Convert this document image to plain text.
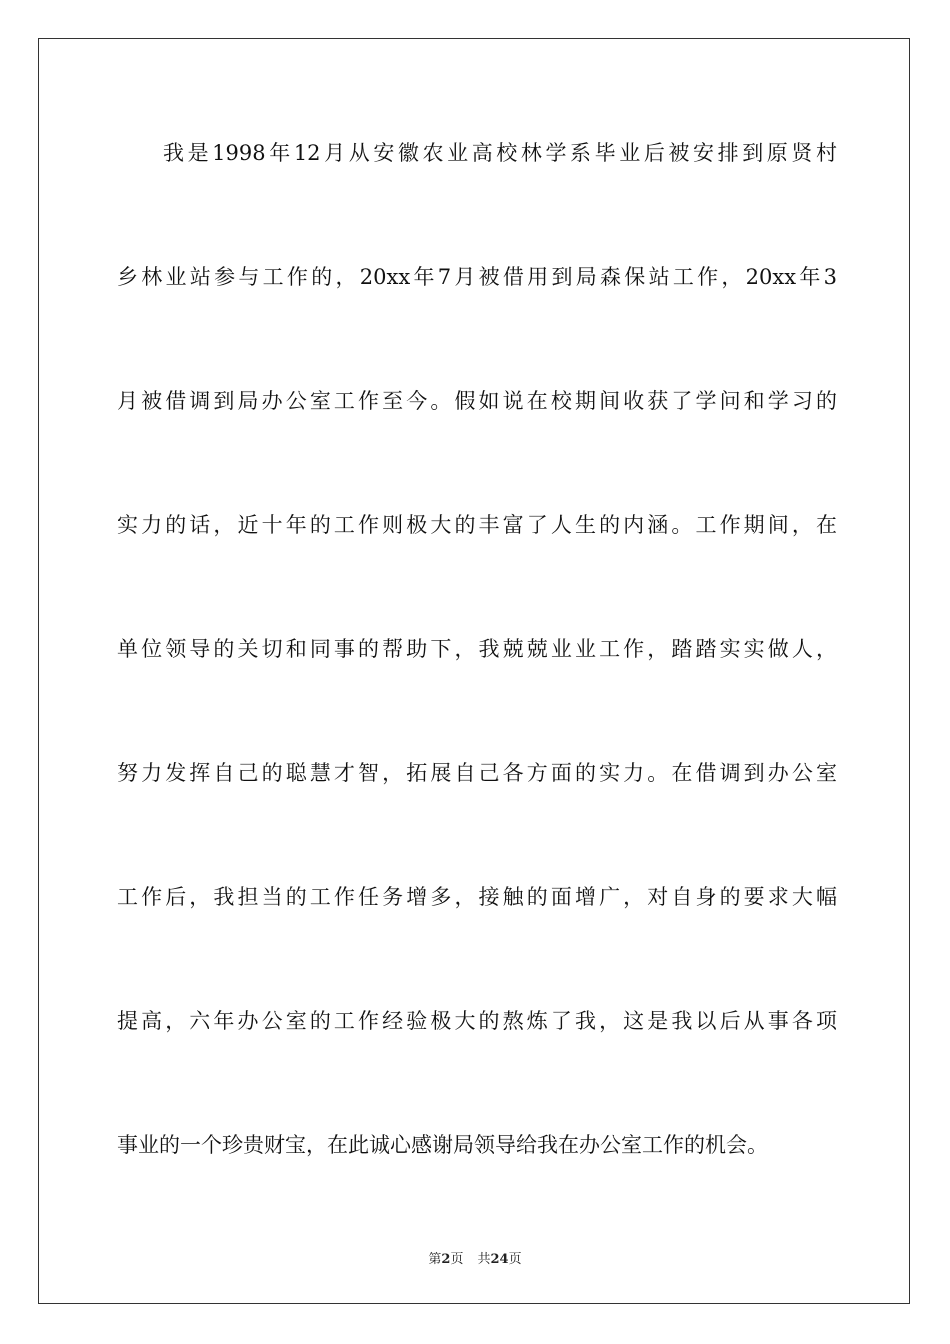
我是1998年12月从安徽农业高校林学系毕业后被安排到原贤村
乡林业站参与工作的，20xx年7月被借用到局森保站工作，20xx年3
月被借调到局办公室工作至今。假如说在校期间收获了学问和学习的
实力的话，近十年的工作则极大的丰富了人生的内涵。工作期间，在
单位领导的关切和同事的帮助下，我兢兢业业工作，踏踏实实做人，
努力发挥自己的聪慧才智，拓展自己各方面的实力。在借调到办公室
工作后，我担当的工作任务增多，接触的面增广，对自身的要求大幅
提高，六年办公室的工作经验极大的熬炼了我，这是我以后从事各项
事业的一个珍贵财宝，在此诚心感谢局领导给我在办公室工作的机会。
第2页 共24页
